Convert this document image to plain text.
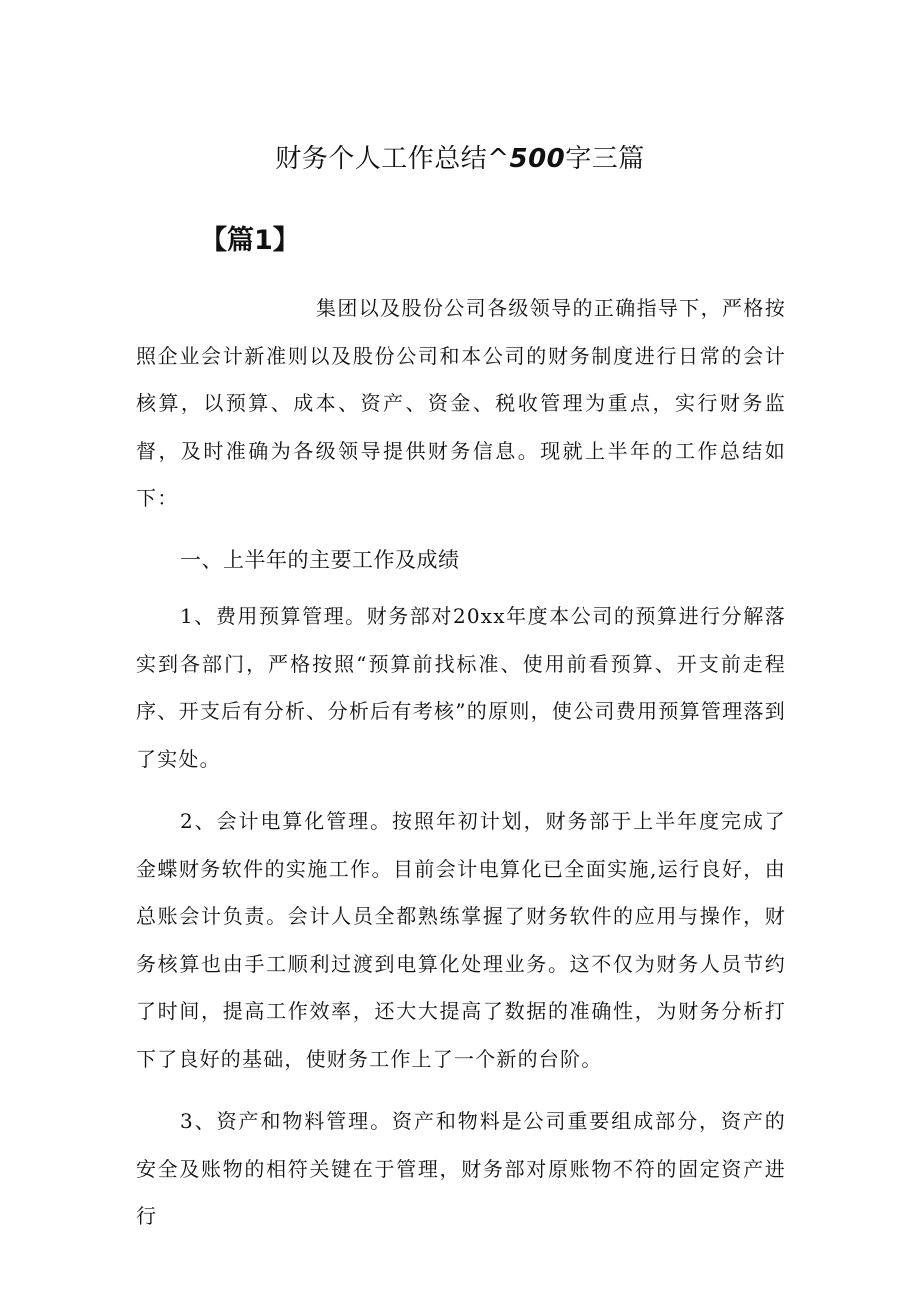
财务个人工作总结^500字三篇
【篇1】

集团以及股份公司各级领导的正确指导下，严格按照企业会计新准则以及股份公司和本公司的财务制度进行日常的会计核算，以预算、成本、资产、资金、税收管理为重点，实行财务监督，及时准确为各级领导提供财务信息。现就上半年的工作总结如下：

一、上半年的主要工作及成绩

1、费用预算管理。财务部对20xx年度本公司的预算进行分解落实到各部门，严格按照“预算前找标准、使用前看预算、开支前走程序、开支后有分析、分析后有考核”的原则，使公司费用预算管理落到了实处。

2、会计电算化管理。按照年初计划，财务部于上半年度完成了金蝶财务软件的实施工作。目前会计电算化已全面实施,运行良好，由总账会计负责。会计人员全都熟练掌握了财务软件的应用与操作，财务核算也由手工顺利过渡到电算化处理业务。这不仅为财务人员节约了时间，提高工作效率，还大大提高了数据的准确性，为财务分析打下了良好的基础，使财务工作上了一个新的台阶。

3、资产和物料管理。资产和物料是公司重要组成部分，资产的安全及账物的相符关键在于管理，财务部对原账物不符的固定资产进行
